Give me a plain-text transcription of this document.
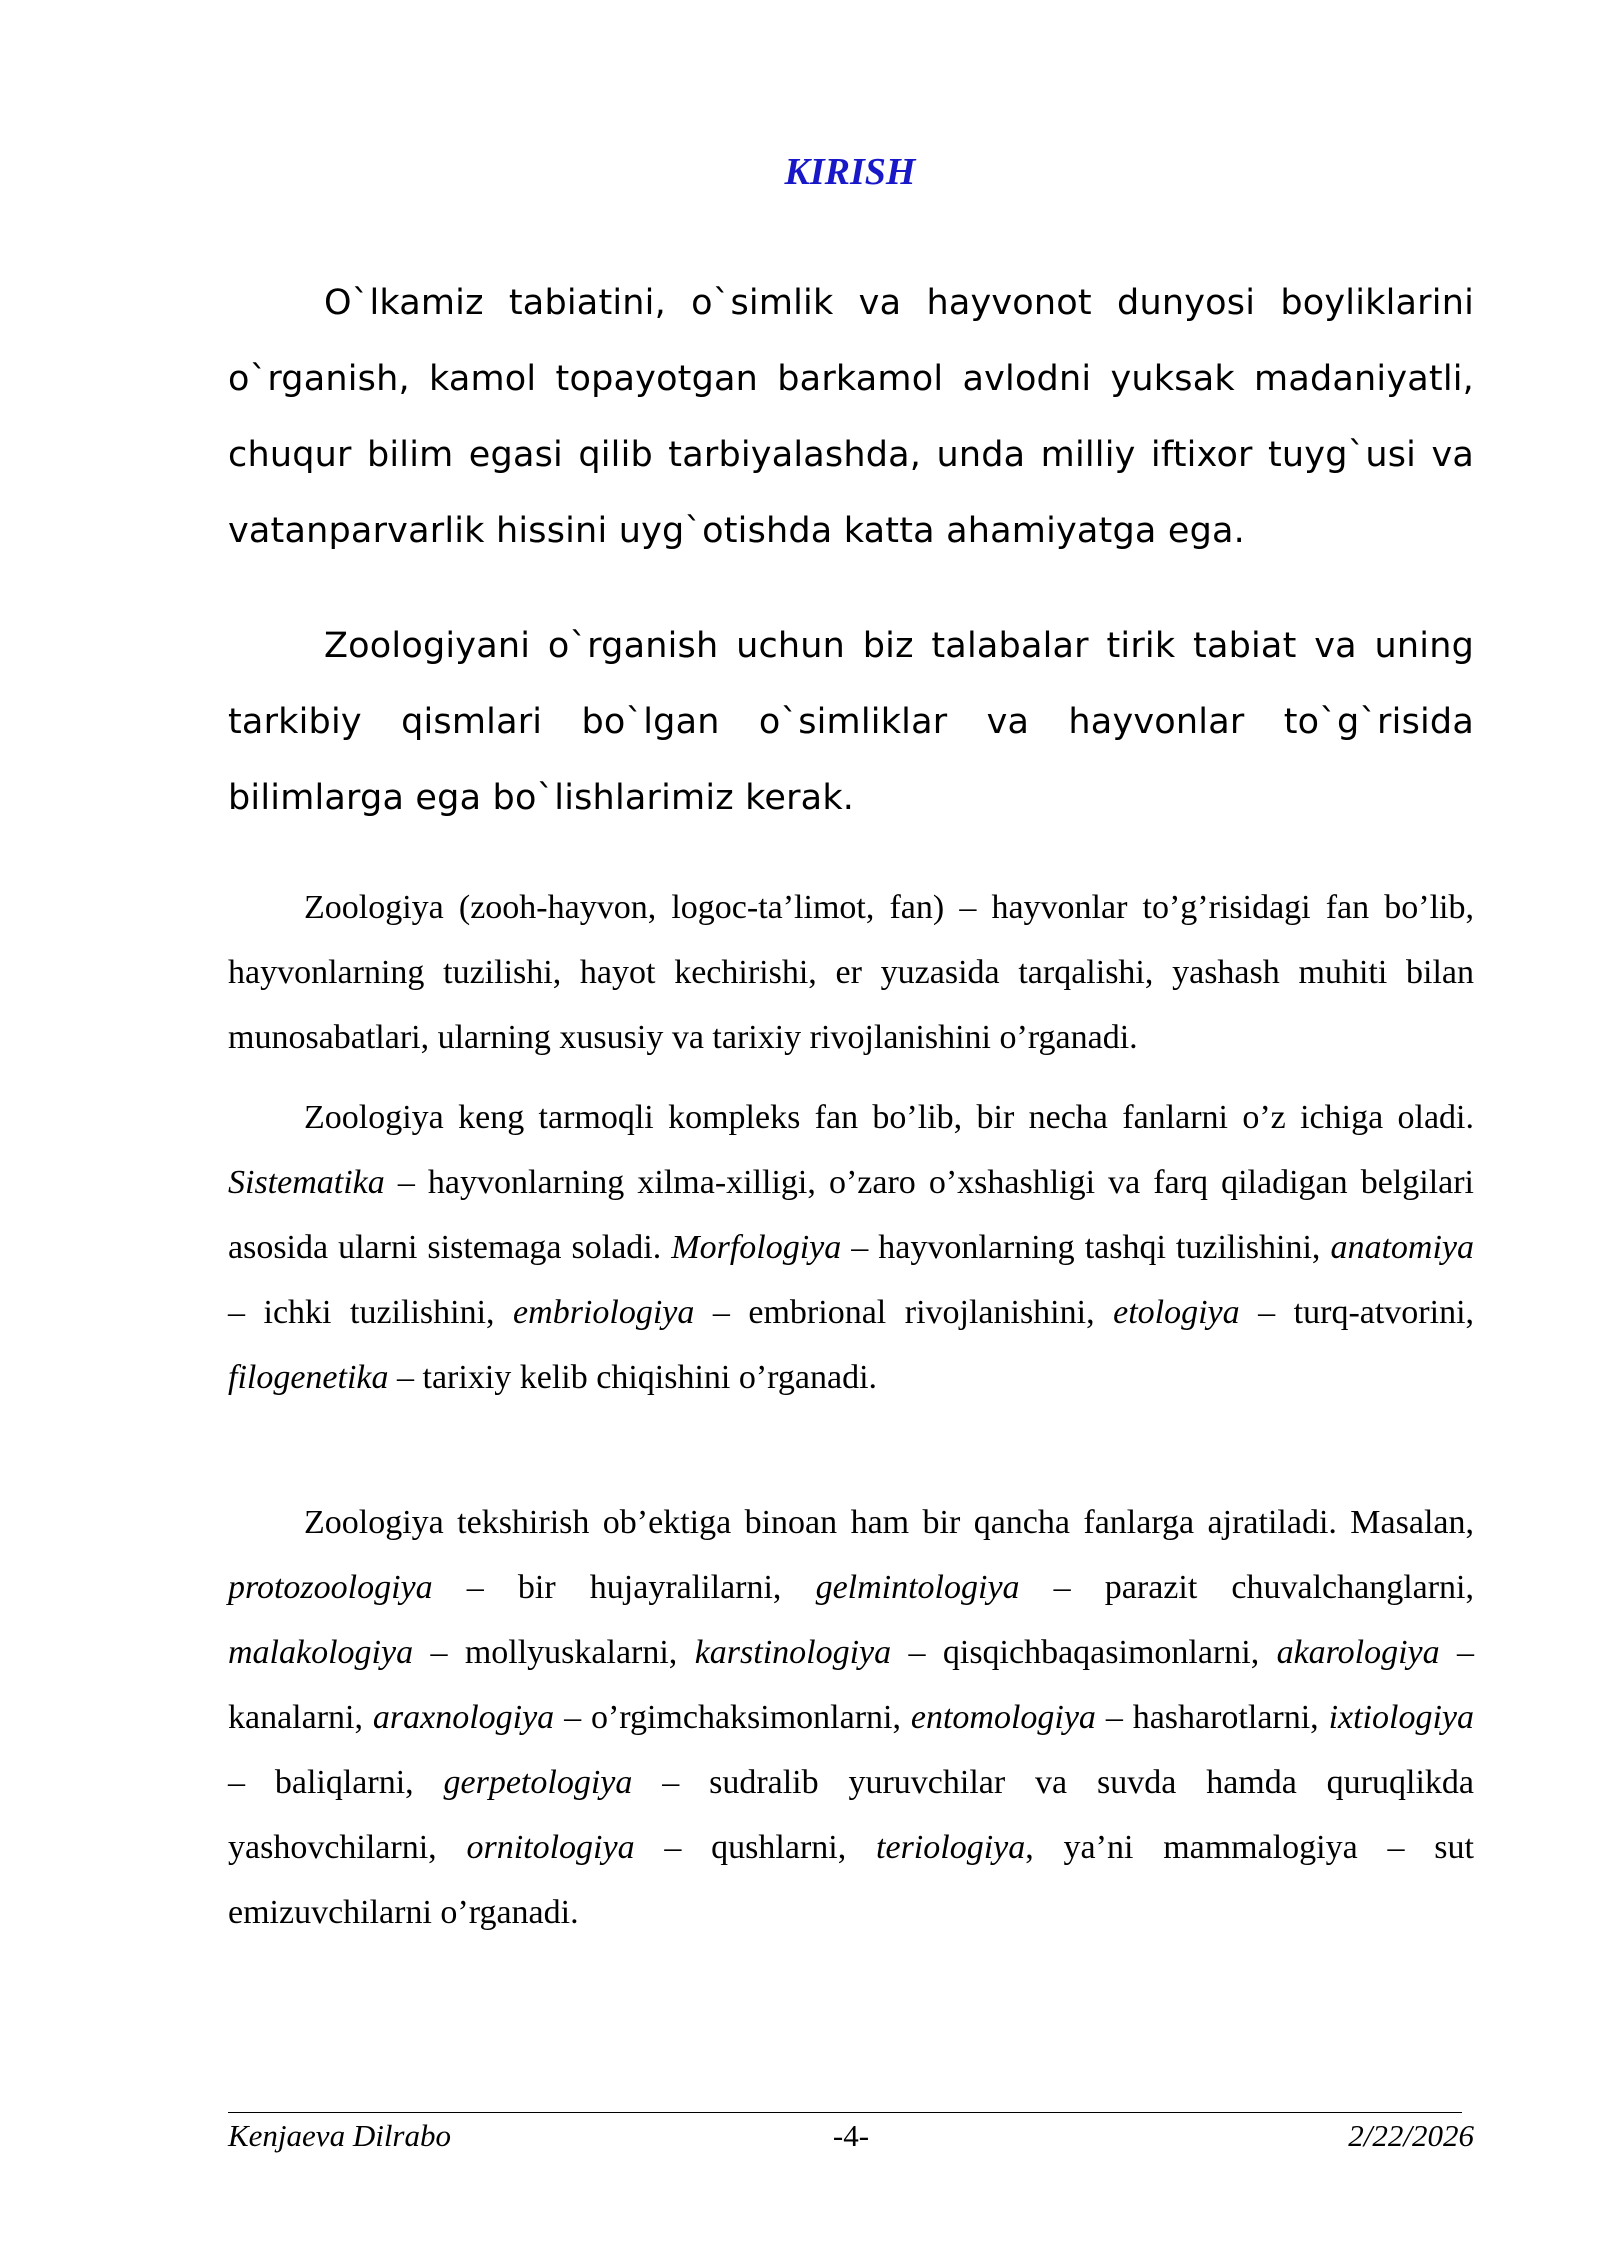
KIRISH

O`lkamiz tabiatini, o`simlik va hayvonot dunyosi boyliklarini o`rganish, kamol topayotgan barkamol avlodni yuksak madaniyatli, chuqur bilim egasi qilib tarbiyalashda, unda milliy iftixor tuyg`usi va vatanparvarlik hissini uyg`otishda katta ahamiyatga ega.

Zoologiyani o`rganish uchun biz talabalar tirik tabiat va uning tarkibiy qismlari bo`lgan o`simliklar va hayvonlar to`g`risida bilimlarga ega bo`lishlarimiz kerak.

Zoologiya (zooh-hayvon, logoc-ta’limot, fan) – hayvonlar to’g’risidagi fan bo’lib, hayvonlarning tuzilishi, hayot kechirishi, er yuzasida tarqalishi, yashash muhiti bilan munosabatlari, ularning xususiy va tarixiy rivojlanishini o’rganadi.

Zoologiya keng tarmoqli kompleks fan bo’lib, bir necha fanlarni o’z ichiga oladi. Sistematika – hayvonlarning xilma-xilligi, o’zaro o’xshashligi va farq qiladigan belgilari asosida ularni sistemaga soladi. Morfologiya – hayvonlarning tashqi tuzilishini, anatomiya – ichki tuzilishini, embriologiya – embrional rivojlanishini, etologiya – turq-atvorini, filogenetika – tarixiy kelib chiqishini o’rganadi.

Zoologiya tekshirish ob’ektiga binoan ham bir qancha fanlarga ajratiladi. Masalan, protozoologiya – bir hujayralilarni, gelmintologiya – parazit chuvalchanglarni, malakologiya – mollyuskalarni, karstinologiya – qisqichbaqasimonlarni, akarologiya – kanalarni, araxnologiya – o’rgimchaksimonlarni, entomologiya – hasharotlarni, ixtiologiya – baliqlarni, gerpetologiya – sudralib yuruvchilar va suvda hamda quruqlikda yashovchilarni, ornitologiya – qushlarni, teriologiya, ya’ni mammalogiya – sut emizuvchilarni o’rganadi.

Kenjaeva Dilrabo	-4-	2/22/2026
